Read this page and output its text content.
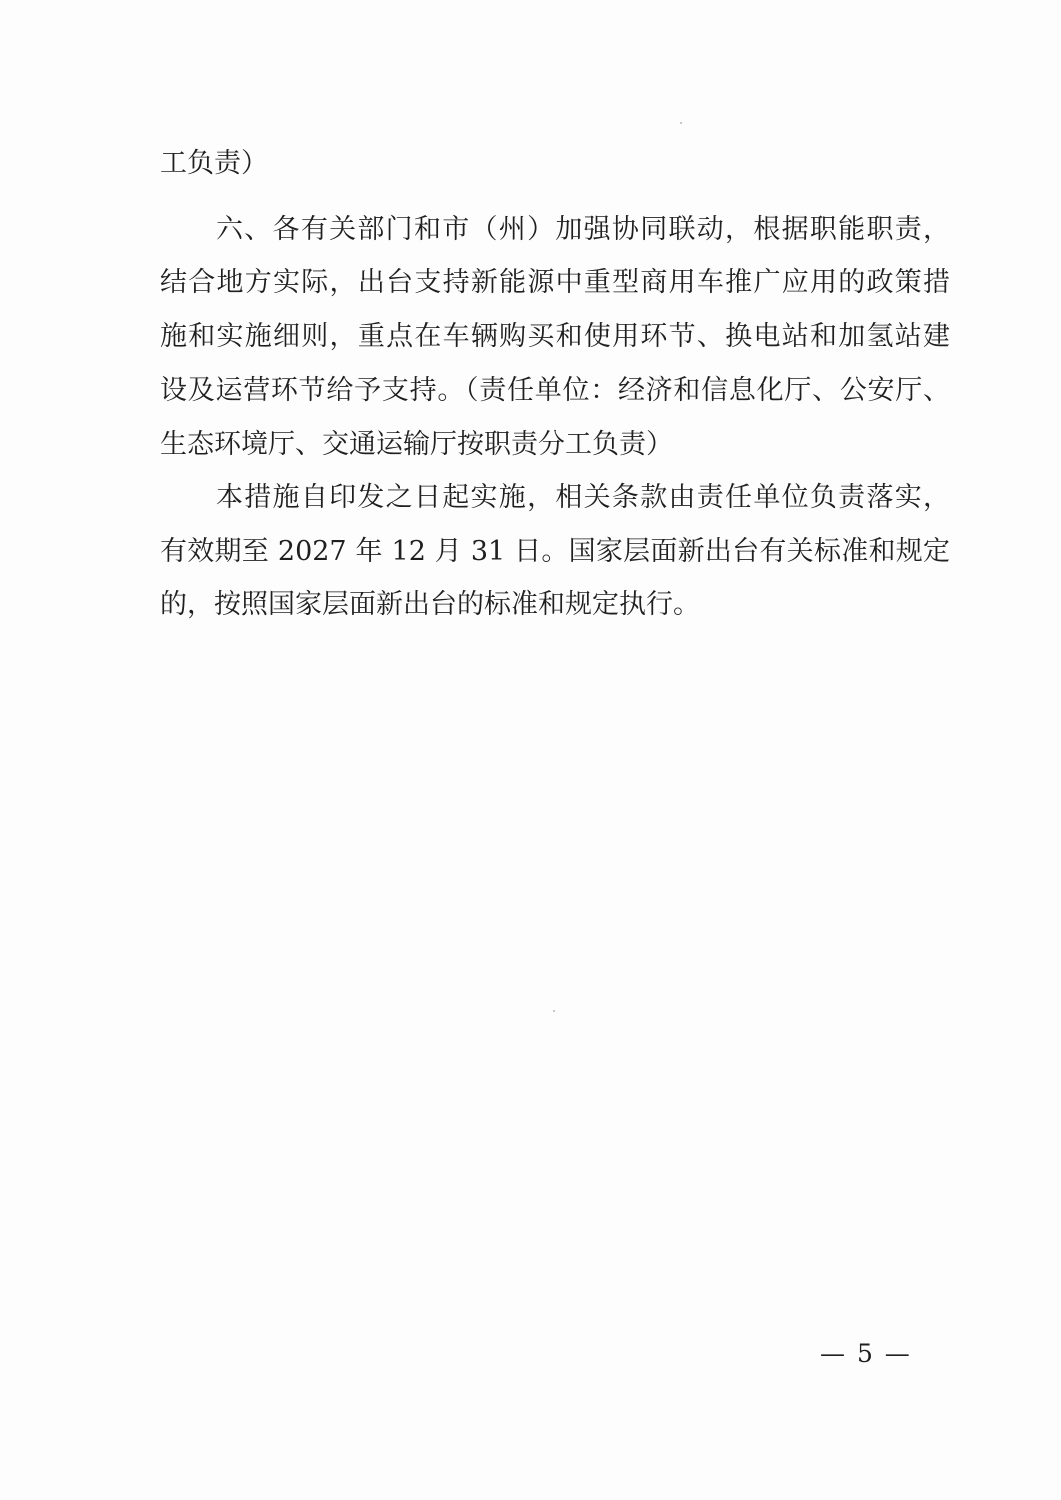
工负责）
六、各有关部门和市（州）加强协同联动，根据职能职责，
结合地方实际，出台支持新能源中重型商用车推广应用的政策措
施和实施细则，重点在车辆购买和使用环节、换电站和加氢站建
设及运营环节给予支持。（责任单位：经济和信息化厅、公安厅、
生态环境厅、交通运输厅按职责分工负责）
本措施自印发之日起实施，相关条款由责任单位负责落实，
有效期至 2027 年 12 月 31 日。国家层面新出台有关标准和规定
的，按照国家层面新出台的标准和规定执行。
— 5 —
